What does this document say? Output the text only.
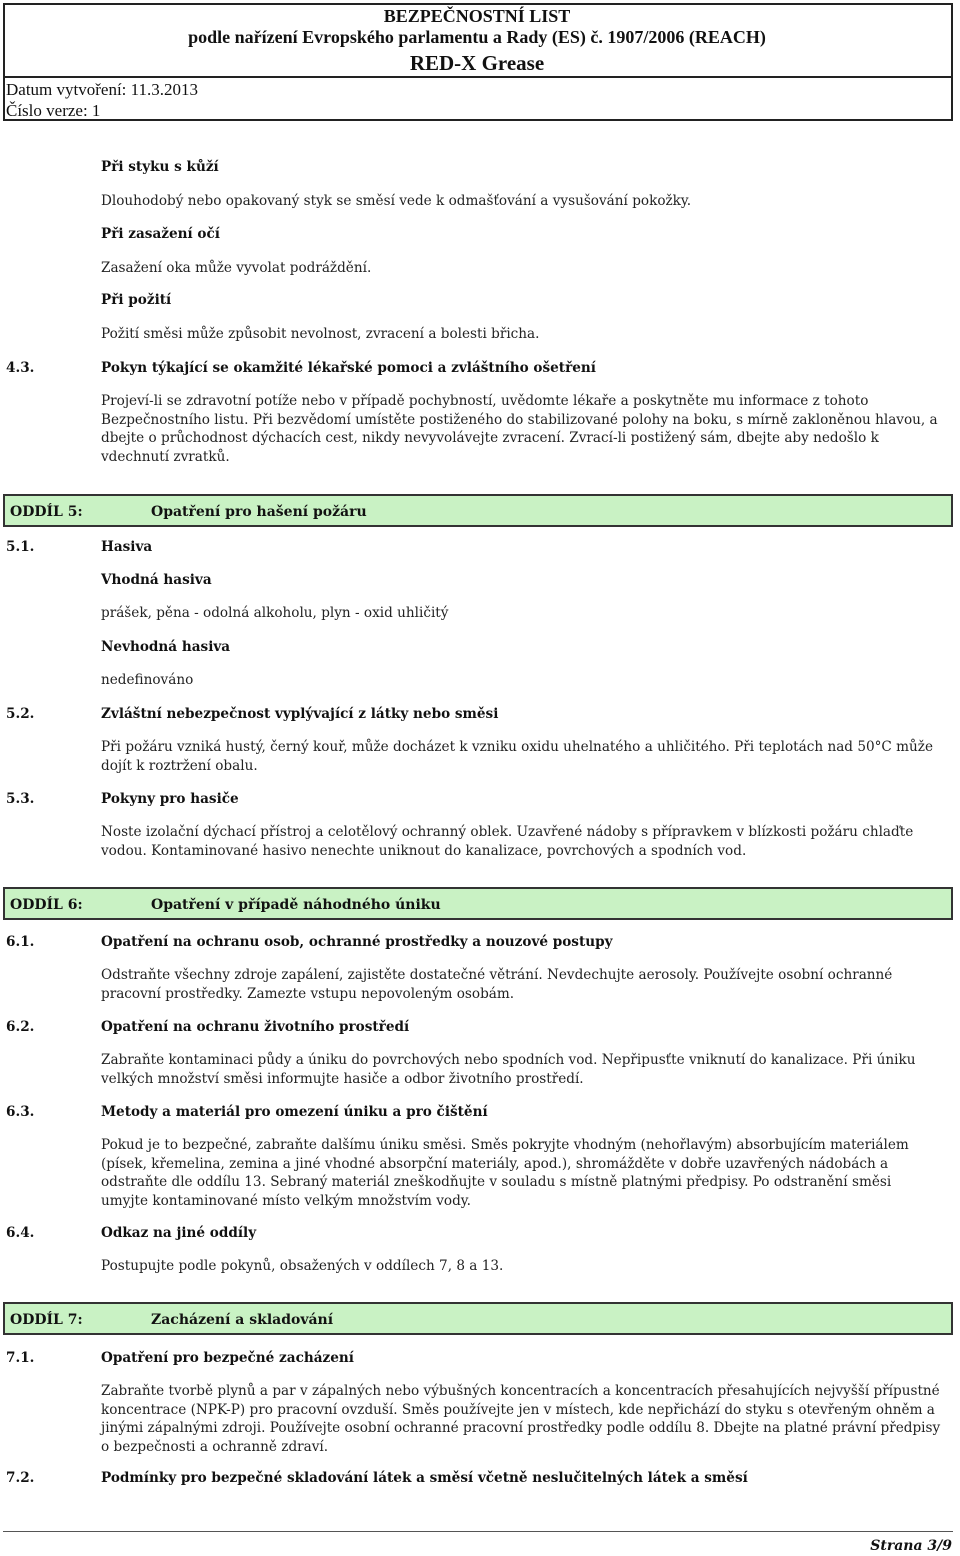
BEZPEČNOSTNÍ LIST
podle nařízení Evropského parlamentu a Rady (ES) č. 1907/2006 (REACH)
RED-X Grease
Datum vytvoření: 11.3.2013
Číslo verze: 1
Při styku s kůží
Dlouhodobý nebo opakovaný styk se směsí vede k odmašťování a vysušování pokožky.
Při zasažení očí
Zasažení oka může vyvolat podráždění.
Při požití
Požití směsi může způsobit nevolnost, zvracení a bolesti břicha.
4.3.	Pokyn týkající se okamžité lékařské pomoci a zvláštního ošetření
Projeví-li se zdravotní potíže nebo v případě pochybností, uvědomte lékaře a poskytněte mu informace z tohoto
Bezpečnostního listu. Při bezvědomí umístěte postiženého do stabilizované polohy na boku, s mírně zakloněnou hlavou, a
dbejte o průchodnost dýchacích cest, nikdy nevyvolávejte zvracení. Zvrací-li postižený sám, dbejte aby nedošlo k
vdechnutí zvratků.
ODDÍL 5:	Opatření pro hašení požáru
5.1.	Hasiva
Vhodná hasiva
prášek, pěna - odolná alkoholu, plyn - oxid uhličitý
Nevhodná hasiva
nedefinováno
5.2.	Zvláštní nebezpečnost vyplývající z látky nebo směsi
Při požáru vzniká hustý, černý kouř, může docházet k vzniku oxidu uhelnatého a uhličitého. Při teplotách nad 50°C může
dojít k roztržení obalu.
5.3.	Pokyny pro hasiče
Noste izolační dýchací přístroj a celotělový ochranný oblek. Uzavřené nádoby s přípravkem v blízkosti požáru chlaďte
vodou. Kontaminované hasivo nenechte uniknout do kanalizace, povrchových a spodních vod.
ODDÍL 6:	Opatření v případě náhodného úniku
6.1.	Opatření na ochranu osob, ochranné prostředky a nouzové postupy
Odstraňte všechny zdroje zapálení, zajistěte dostatečné větrání. Nevdechujte aerosoly. Používejte osobní ochranné
pracovní prostředky. Zamezte vstupu nepovoleným osobám.
6.2.	Opatření na ochranu životního prostředí
Zabraňte kontaminaci půdy a úniku do povrchových nebo spodních vod. Nepřipusťte vniknutí do kanalizace. Při úniku
velkých množství směsi informujte hasiče a odbor životního prostředí.
6.3.	Metody a materiál pro omezení úniku a pro čištění
Pokud je to bezpečné, zabraňte dalšímu úniku směsi. Směs pokryjte vhodným (nehořlavým) absorbujícím materiálem
(písek, křemelina, zemina a jiné vhodné absorpční materiály, apod.), shromážděte v dobře uzavřených nádobách a
odstraňte dle oddílu 13. Sebraný materiál zneškodňujte v souladu s místně platnými předpisy. Po odstranění směsi
umyjte kontaminované místo velkým množstvím vody.
6.4.	Odkaz na jiné oddíly
Postupujte podle pokynů, obsažených v oddílech 7, 8 a 13.
ODDÍL 7:	Zacházení a skladování
7.1.	Opatření pro bezpečné zacházení
Zabraňte tvorbě plynů a par v zápalných nebo výbušných koncentracích a koncentracích přesahujících nejvyšší přípustné
koncentrace (NPK-P) pro pracovní ovzduší. Směs používejte jen v místech, kde nepřichází do styku s otevřeným ohněm a
jinými zápalnými zdroji. Používejte osobní ochranné pracovní prostředky podle oddílu 8. Dbejte na platné právní předpisy
o bezpečnosti a ochranně zdraví.
7.2.	Podmínky pro bezpečné skladování látek a směsí včetně neslučitelných látek a směsí
Strana 3/9
